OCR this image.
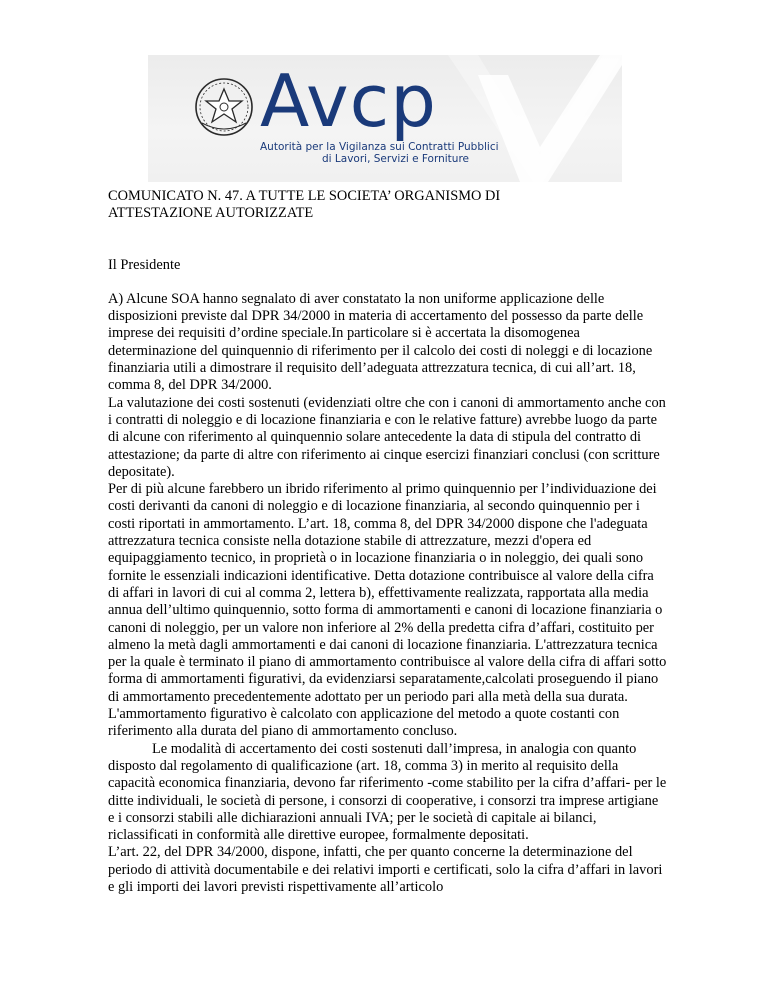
Avcp
Autorità per la Vigilanza sui Contratti Pubblici
di Lavori, Servizi e Forniture

COMUNICATO N. 47. A TUTTE LE SOCIETA’ ORGANISMO DI

ATTESTAZIONE AUTORIZZATE

Il Presidente

A) Alcune SOA hanno segnalato di aver constatato la non uniforme applicazione delle disposizioni previste dal DPR 34/2000 in materia di accertamento del possesso da parte delle imprese dei requisiti d’ordine speciale.In particolare si è accertata la disomogenea determinazione del quinquennio di riferimento per il calcolo dei costi di noleggi e di locazione finanziaria utili a dimostrare il requisito dell’adeguata attrezzatura tecnica, di cui all’art. 18, comma 8, del DPR 34/2000.

La valutazione dei costi sostenuti (evidenziati oltre che con i canoni di ammortamento anche con i contratti di noleggio e di locazione finanziaria e con le relative fatture) avrebbe luogo da parte di alcune con riferimento al quinquennio solare antecedente la data di stipula del contratto di attestazione; da parte di altre con riferimento ai cinque esercizi finanziari conclusi (con scritture depositate).

Per di più alcune farebbero un ibrido riferimento al primo quinquennio per l’individuazione dei costi derivanti da canoni di noleggio e di locazione finanziaria, al secondo quinquennio per i costi riportati in ammortamento. L’art. 18, comma 8, del DPR 34/2000 dispone che l'adeguata attrezzatura tecnica consiste nella dotazione stabile di attrezzature, mezzi d'opera ed equipaggiamento tecnico, in proprietà o in locazione finanziaria o in noleggio, dei quali sono fornite le essenziali indicazioni identificative. Detta dotazione contribuisce al valore della cifra di affari in lavori di cui al comma 2, lettera b), effettivamente realizzata, rapportata alla media annua dell’ultimo quinquennio, sotto forma di ammortamenti e canoni di locazione finanziaria o canoni di noleggio, per un valore non inferiore al 2% della predetta cifra d’affari, costituito per almeno la metà dagli ammortamenti e dai canoni di locazione finanziaria. L'attrezzatura tecnica per la quale è terminato il piano di ammortamento contribuisce al valore della cifra di affari sotto forma di ammortamenti figurativi, da evidenziarsi separatamente,calcolati proseguendo il piano di ammortamento precedentemente adottato per un periodo pari alla metà della sua durata. L'ammortamento figurativo è calcolato con applicazione del metodo a quote costanti con riferimento alla durata del piano di ammortamento concluso.

Le modalità di accertamento dei costi sostenuti dall’impresa, in analogia con quanto disposto dal regolamento di qualificazione (art. 18, comma 3) in merito al requisito della capacità economica finanziaria, devono far riferimento -come stabilito per la cifra d’affari- per le ditte individuali, le società di persone, i consorzi di cooperative, i consorzi tra imprese artigiane e i consorzi stabili alle dichiarazioni annuali IVA; per le società di capitale ai bilanci, riclassificati in conformità alle direttive europee, formalmente depositati.

L’art. 22, del DPR 34/2000, dispone, infatti, che per quanto concerne la determinazione del periodo di attività documentabile e dei relativi importi e certificati, solo la cifra d’affari in lavori e gli importi dei lavori previsti rispettivamente all’articolo
